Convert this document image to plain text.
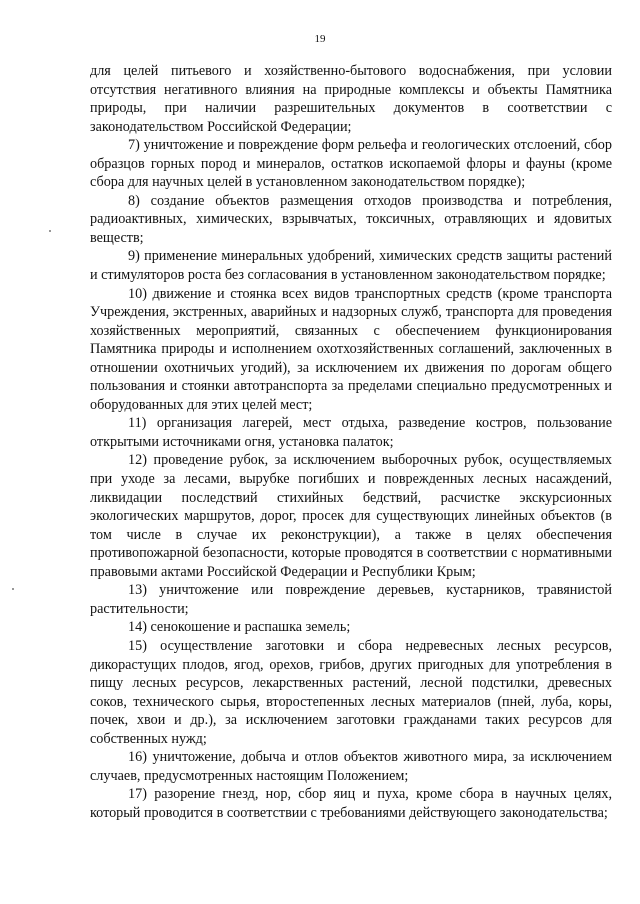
19

для целей питьевого и хозяйственно-бытового водоснабжения, при условии отсутствия негативного влияния на природные комплексы и объекты Памятника природы, при наличии разрешительных документов в соответствии с законодательством Российской Федерации;

7) уничтожение и повреждение форм рельефа и геологических отслоений, сбор образцов горных пород и минералов, остатков ископаемой флоры и фауны (кроме сбора для научных целей в установленном законодательством порядке);

8) создание объектов размещения отходов производства и потребления, радиоактивных, химических, взрывчатых, токсичных, отравляющих и ядовитых веществ;

9) применение минеральных удобрений, химических средств защиты растений и стимуляторов роста без согласования в установленном законодательством порядке;

10) движение и стоянка всех видов транспортных средств (кроме транспорта Учреждения, экстренных, аварийных и надзорных служб, транспорта для проведения хозяйственных мероприятий, связанных с обеспечением функционирования Памятника природы и исполнением охотхозяйственных соглашений, заключенных в отношении охотничьих угодий), за исключением их движения по дорогам общего пользования и стоянки автотранспорта за пределами специально предусмотренных и оборудованных для этих целей мест;

11) организация лагерей, мест отдыха, разведение костров, пользование открытыми источниками огня, установка палаток;

12) проведение рубок, за исключением выборочных рубок, осуществляемых при уходе за лесами, вырубке погибших и поврежденных лесных насаждений, ликвидации последствий стихийных бедствий, расчистке экскурсионных экологических маршрутов, дорог, просек для существующих линейных объектов (в том числе в случае их реконструкции), а также в целях обеспечения противопожарной безопасности, которые проводятся в соответствии с нормативными правовыми актами Российской Федерации и Республики Крым;

13) уничтожение или повреждение деревьев, кустарников, травянистой растительности;

14) сенокошение и распашка земель;

15) осуществление заготовки и сбора недревесных лесных ресурсов, дикорастущих плодов, ягод, орехов, грибов, других пригодных для употребления в пищу лесных ресурсов, лекарственных растений, лесной подстилки, древесных соков, технического сырья, второстепенных лесных материалов (пней, луба, коры, почек, хвои и др.), за исключением заготовки гражданами таких ресурсов для собственных нужд;

16) уничтожение, добыча и отлов объектов животного мира, за исключением случаев, предусмотренных настоящим Положением;

17) разорение гнезд, нор, сбор яиц и пуха, кроме сбора в научных целях, который проводится в соответствии с требованиями действующего законодательства;
